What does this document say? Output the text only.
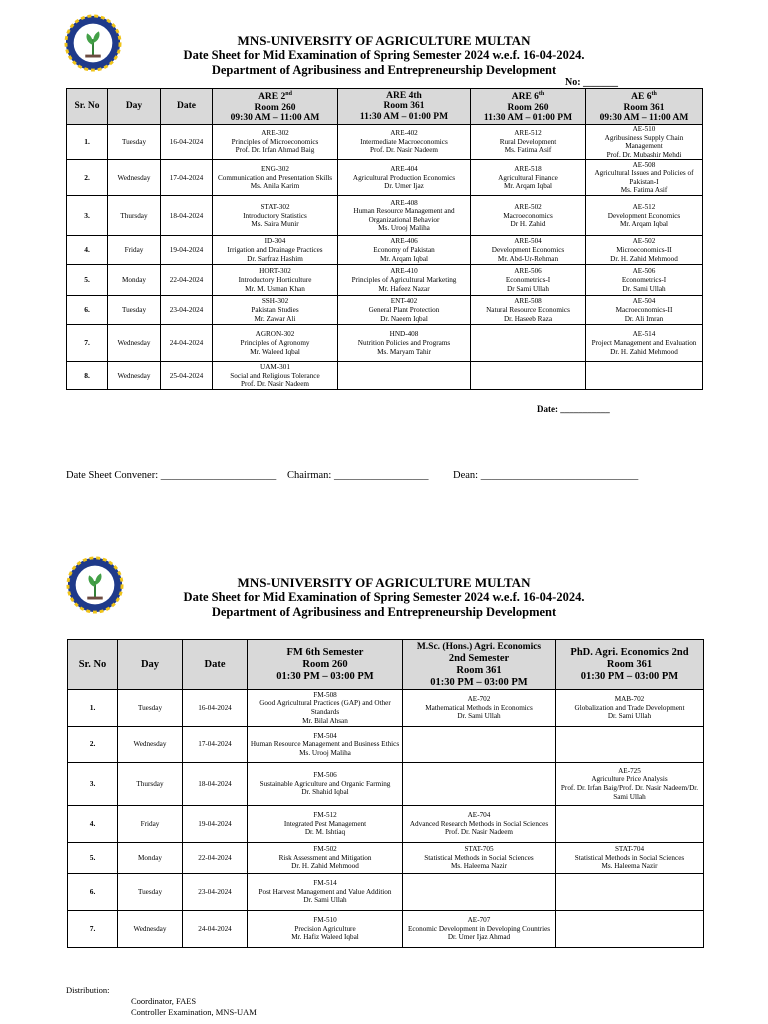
MNS-UNIVERSITY OF AGRICULTURE MULTAN
Date Sheet for Mid Examination of Spring Semester 2024 w.e.f. 16-04-2024.
Department of Agribusiness and Entrepreneurship Development
No: _______
Sr. No	Day	Date	ARE 2nd
Room 260
09:30 AM – 11:00 AM	ARE 4th
Room 361
11:30 AM – 01:00 PM	ARE 6th
Room 260
11:30 AM – 01:00 PM	AE 6th
Room 361
09:30 AM – 11:00 AM

1.	Tuesday	16-04-2024	ARE-302
Principles of Microeconomics
Prof. Dr. Irfan Ahmad Baig	ARE-402
Intermediate Macroeconomics
Prof. Dr. Nasir Nadeem	ARE-512
Rural Development
Ms. Fatima Asif	AE-510
Agribusiness Supply Chain Management
Prof. Dr. Mubashir Mehdi

2.	Wednesday	17-04-2024	ENG-302
Communication and Presentation Skills
Ms. Anila Karim	ARE-404
Agricultural Production Economics
Dr. Umer Ijaz	ARE-518
Agricultural Finance
Mr. Arqam Iqbal	AE-508
Agricultural Issues and Policies of Pakistan-I
Ms. Fatima Asif

3.	Thursday	18-04-2024	STAT-302
Introductory Statistics
Ms. Saira Munir	ARE-408
Human Resource Management and Organizational Behavior
Ms. Urooj Maliha	ARE-502
Macroeconomics
Dr H. Zahid	AE-512
Development Economics
Mr. Arqam Iqbal

4.	Friday	19-04-2024	ID-304
Irrigation and Drainage Practices
Dr. Sarfraz Hashim	ARE-406
Economy of Pakistan
Mr. Arqam Iqbal	ARE-504
Development Economics
Mr. Abd-Ur-Rehman	AE-502
Microeconomics-II
Dr. H. Zahid Mehmood

5.	Monday	22-04-2024	HORT-302
Introductory Horticulture
Mr. M. Usman Khan	ARE-410
Principles of Agricultural Marketing
Mr. Hafeez Nazar	ARE-506
Econometrics-I
Dr Sami Ullah	AE-506
Econometrics-I
Dr. Sami Ullah

6.	Tuesday	23-04-2024	SSH-302
Pakistan Studies
Mr. Zawar Ali	ENT-402
General Plant Protection
Dr. Naeem Iqbal	ARE-508
Natural Resource Economics
Dr. Haseeb Raza	AE-504
Macroeconomics-II
Dr. Ali Imran

7.	Wednesday	24-04-2024	AGRON-302
Principles of Agronomy
Mr. Waleed Iqbal	HND-408
Nutrition Policies and Programs
Ms. Maryam Tahir		AE-514
Project Management and Evaluation
Dr. H. Zahid Mehmood

8.	Wednesday	25-04-2024	UAM-301
Social and Religious Tolerance
Prof. Dr. Nasir Nadeem			

Date: ___________
Date Sheet Convener: ______________________ Chairman: __________________ Dean: ______________________________
MNS-UNIVERSITY OF AGRICULTURE MULTAN
Date Sheet for Mid Examination of Spring Semester 2024 w.e.f. 16-04-2024.
Department of Agribusiness and Entrepreneurship Development
Sr. No	Day	Date	FM 6th Semester
Room 260
01:30 PM – 03:00 PM	M.Sc. (Hons.) Agri. Economics
2nd Semester
Room 361
01:30 PM – 03:00 PM	PhD. Agri. Economics 2nd
Room 361
01:30 PM – 03:00 PM

1.	Tuesday	16-04-2024	FM-508
Good Agricultural Practices (GAP) and Other Standards
Mr. Bilal Ahsan	AE-702
Mathematical Methods in Economics
Dr. Sami Ullah	MAB-702
Globalization and Trade Development
Dr. Sami Ullah

2.	Wednesday	17-04-2024	FM-504
Human Resource Management and Business Ethics
Ms. Urooj Maliha		

3.	Thursday	18-04-2024	FM-506
Sustainable Agriculture and Organic Farming
Dr. Shahid Iqbal		AE-725
Agriculture Price Analysis
Prof. Dr. Irfan Baig/Prof. Dr. Nasir Nadeem/Dr. Sami Ullah

4.	Friday	19-04-2024	FM-512
Integrated Pest Management
Dr. M. Ishtiaq	AE-704
Advanced Research Methods in Social Sciences
Prof. Dr. Nasir Nadeem	

5.	Monday	22-04-2024	FM-502
Risk Assessment and Mitigation
Dr. H. Zahid Mehmood	STAT-705
Statistical Methods in Social Sciences
Ms. Haleema Nazir	STAT-704
Statistical Methods in Social Sciences
Ms. Haleema Nazir

6.	Tuesday	23-04-2024	FM-514
Post Harvest Management and Value Addition
Dr. Sami Ullah		

7.	Wednesday	24-04-2024	FM-510
Precision Agriculture
Mr. Hafiz Waleed Iqbal	AE-707
Economic Development in Developing Countries
Dr. Umer Ijaz Ahmad	

Distribution:
Coordinator, FAES
Controller Examination, MNS-UAM
